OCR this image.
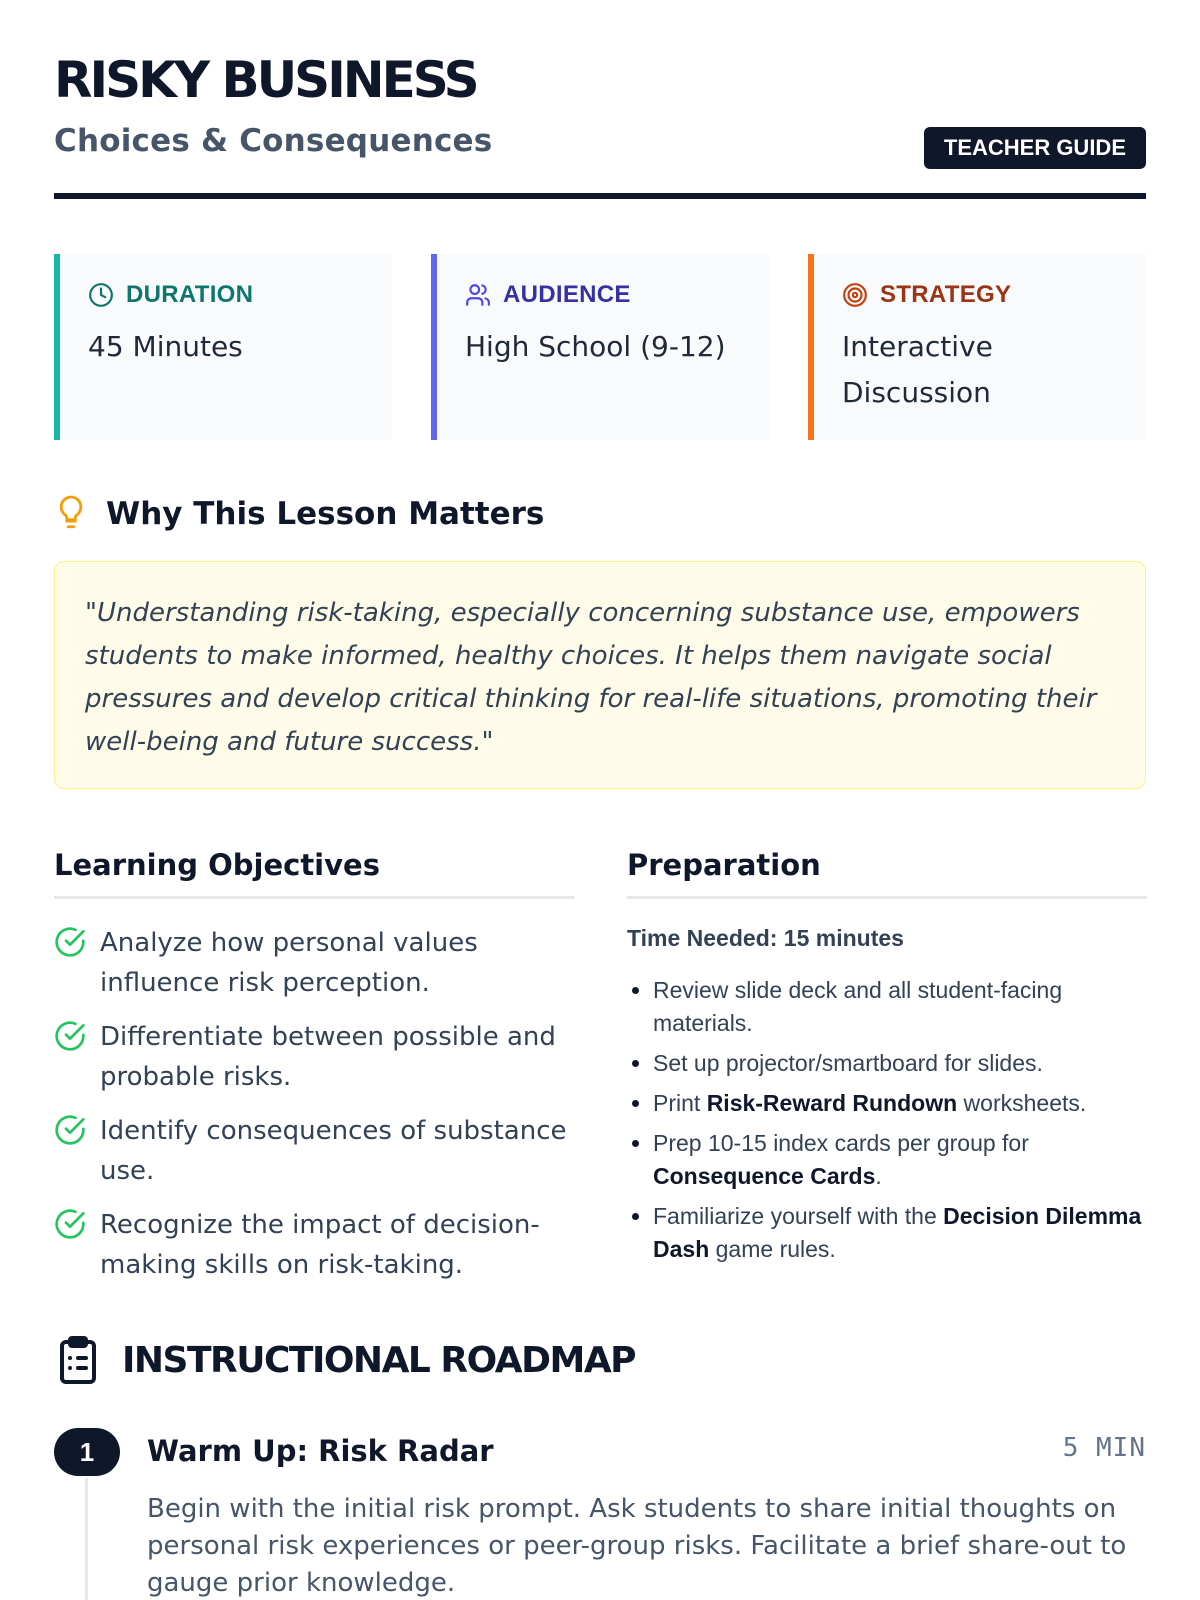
RISKY BUSINESS
Choices & Consequences	TEACHER GUIDE
DURATION
45 Minutes
AUDIENCE
High School (9-12)
STRATEGY
Interactive Discussion
Why This Lesson Matters

"Understanding risk-taking, especially concerning substance use, empowers students to make informed, healthy choices. It helps them navigate social pressures and develop critical thinking for real-life situations, promoting their well-being and future success."

Learning Objectives
Analyze how personal values influence risk perception.
Differentiate between possible and probable risks.
Identify consequences of substance use.
Recognize the impact of decision-making skills on risk-taking.
Preparation
Time Needed: 15 minutes
• Review slide deck and all student-facing materials.
• Set up projector/smartboard for slides.
• Print Risk-Reward Rundown worksheets.
• Prep 10-15 index cards per group for Consequence Cards.
• Familiarize yourself with the Decision Dilemma Dash game rules.
INSTRUCTIONAL ROADMAP
1	Warm Up: Risk Radar	5 MIN
Begin with the initial risk prompt. Ask students to share initial thoughts on personal risk experiences or peer-group risks. Facilitate a brief share-out to gauge prior knowledge.
